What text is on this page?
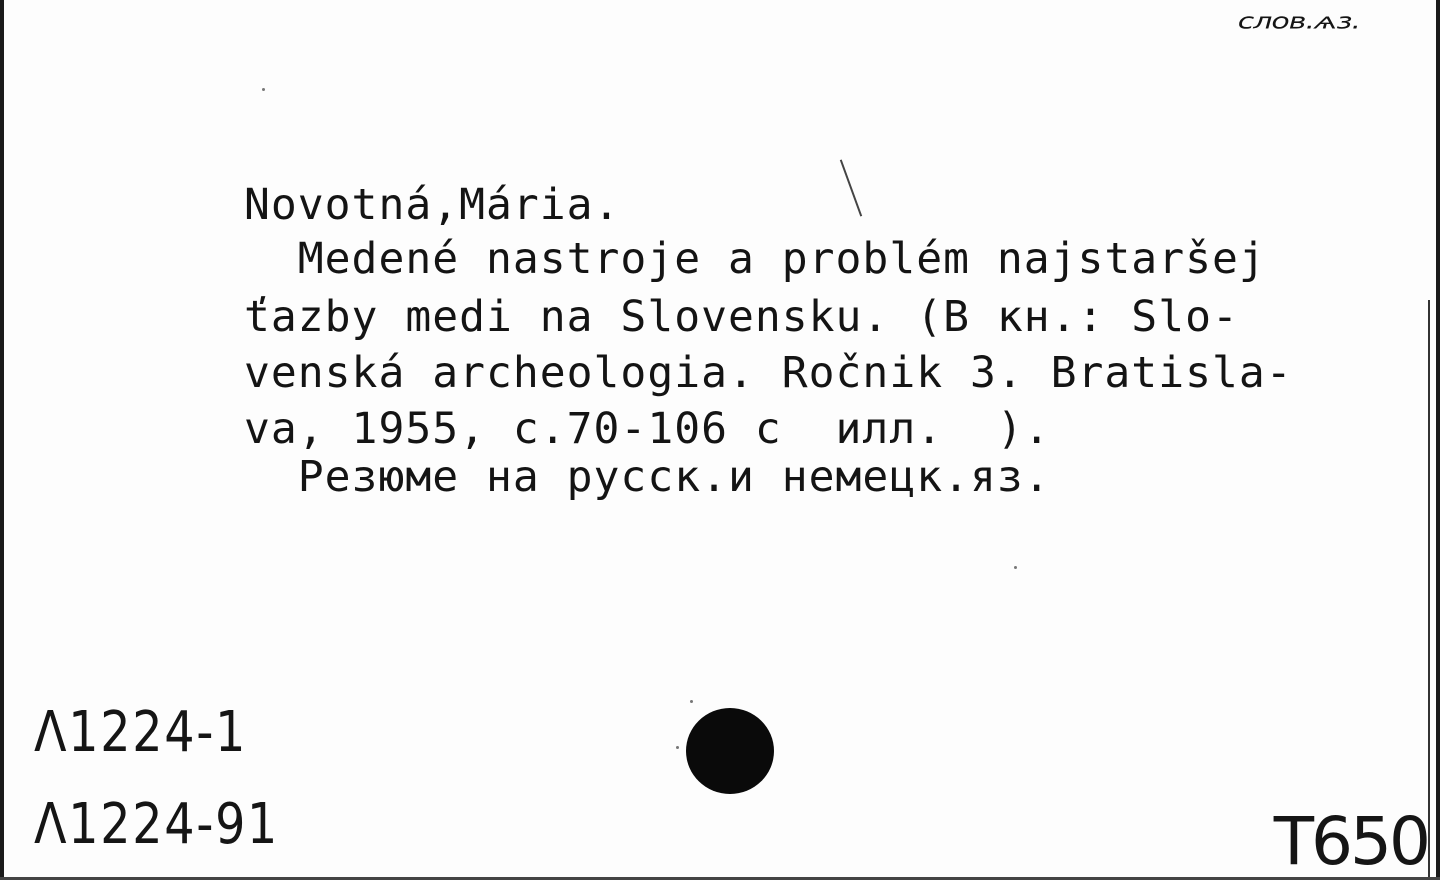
слов.ѧз.
Novotná,Mária.
Medené nastroje a problém najstaršej
ťazby medi na Slovensku. (В кн.: Slo-
venská archeologia. Ročnik 3. Bratisla-
va, 1955, с.70-106 с  илл.  ).
Резюме на русск.и немецк.яз.
Λ1224-1
Λ1224-91	T650
